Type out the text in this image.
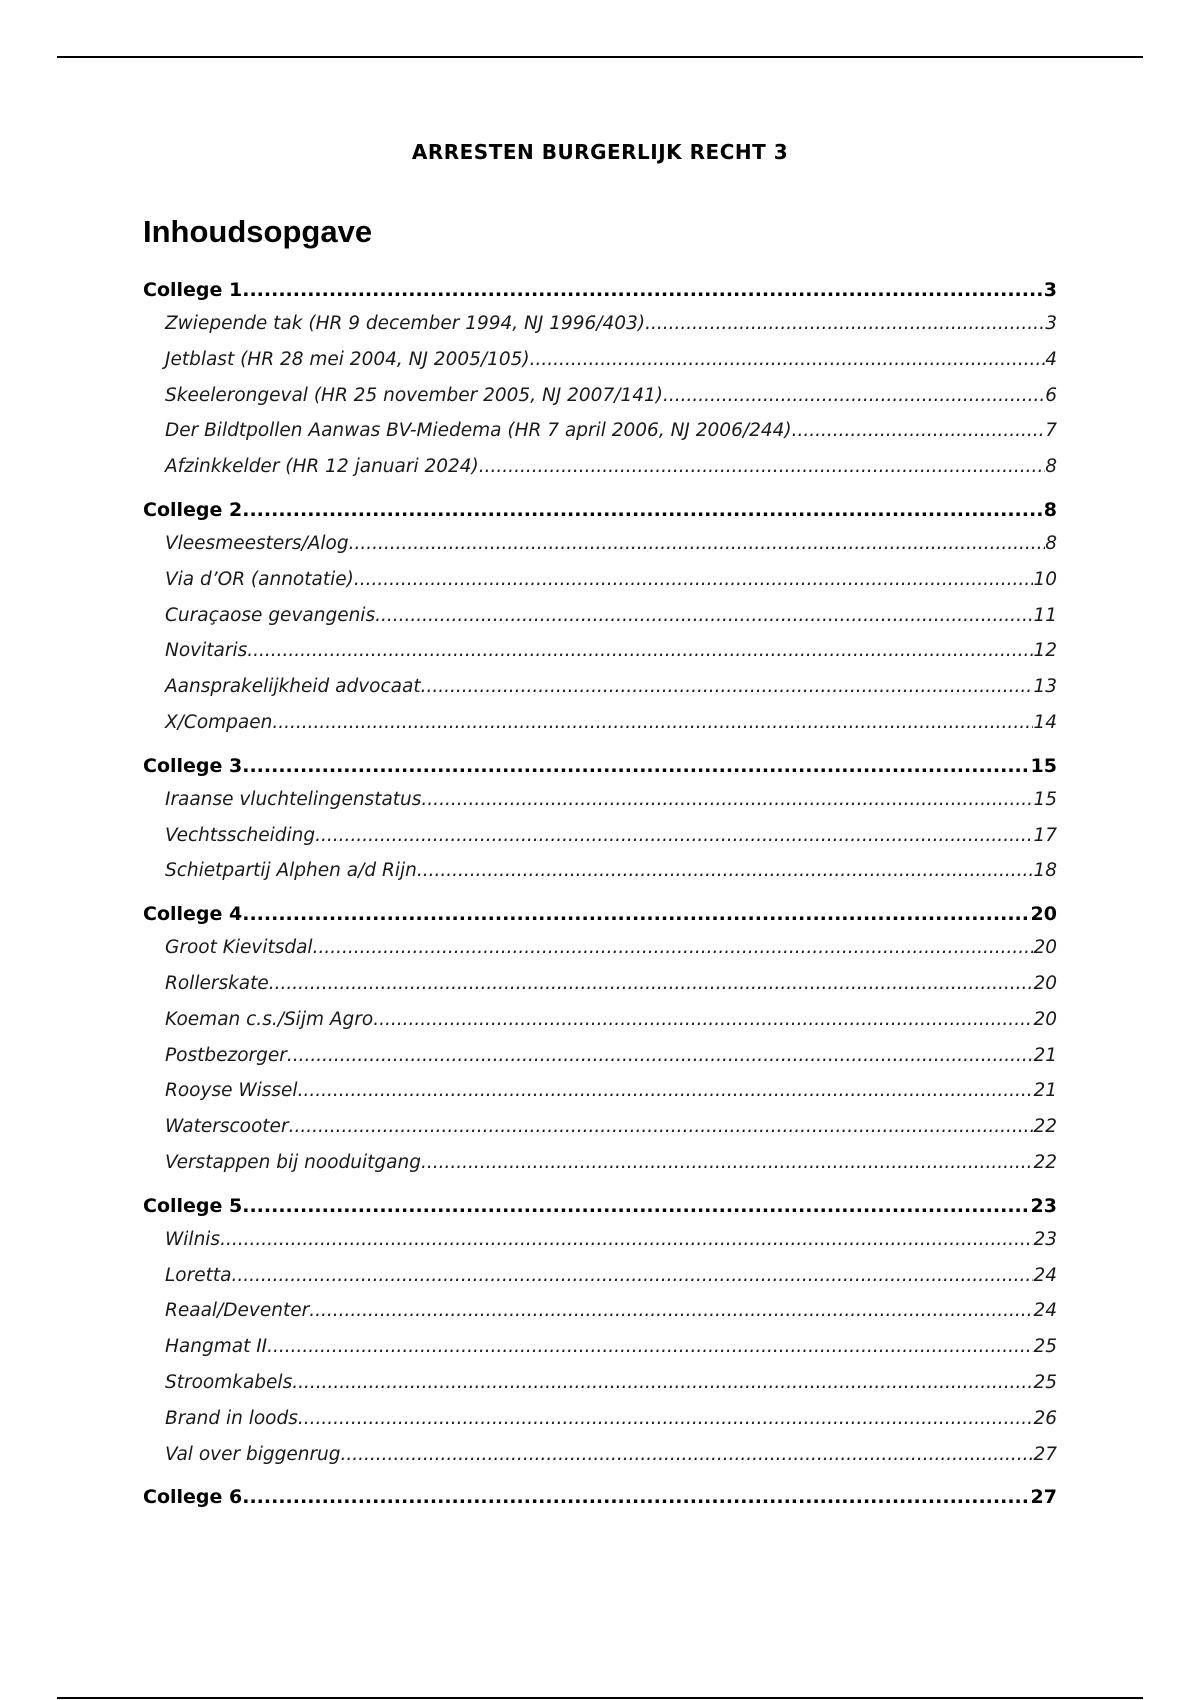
ARRESTEN BURGERLIJK RECHT 3
Inhoudsopgave
College 1 .....	3
Zwiepende tak (HR 9 december 1994, NJ 1996/403) .....	3
Jetblast (HR 28 mei 2004, NJ 2005/105) .....	4
Skeelerongeval (HR 25 november 2005, NJ 2007/141) .....	6
Der Bildtpollen Aanwas BV-Miedema (HR 7 april 2006, NJ 2006/244) .....	7
Afzinkkelder (HR 12 januari 2024) .....	8
College 2 .....	8
Vleesmeesters/Alog .....	8
Via d’OR (annotatie) .....	10
Curaçaose gevangenis .....	11
Novitaris .....	12
Aansprakelijkheid advocaat .....	13
X/Compaen .....	14
College 3 .....	15
Iraanse vluchtelingenstatus .....	15
Vechtsscheiding .....	17
Schietpartij Alphen a/d Rijn .....	18
College 4 .....	20
Groot Kievitsdal .....	20
Rollerskate .....	20
Koeman c.s./Sijm Agro .....	20
Postbezorger .....	21
Rooyse Wissel .....	21
Waterscooter .....	22
Verstappen bij nooduitgang .....	22
College 5 .....	23
Wilnis .....	23
Loretta .....	24
Reaal/Deventer .....	24
Hangmat II .....	25
Stroomkabels .....	25
Brand in loods .....	26
Val over biggenrug .....	27
College 6 .....	27
